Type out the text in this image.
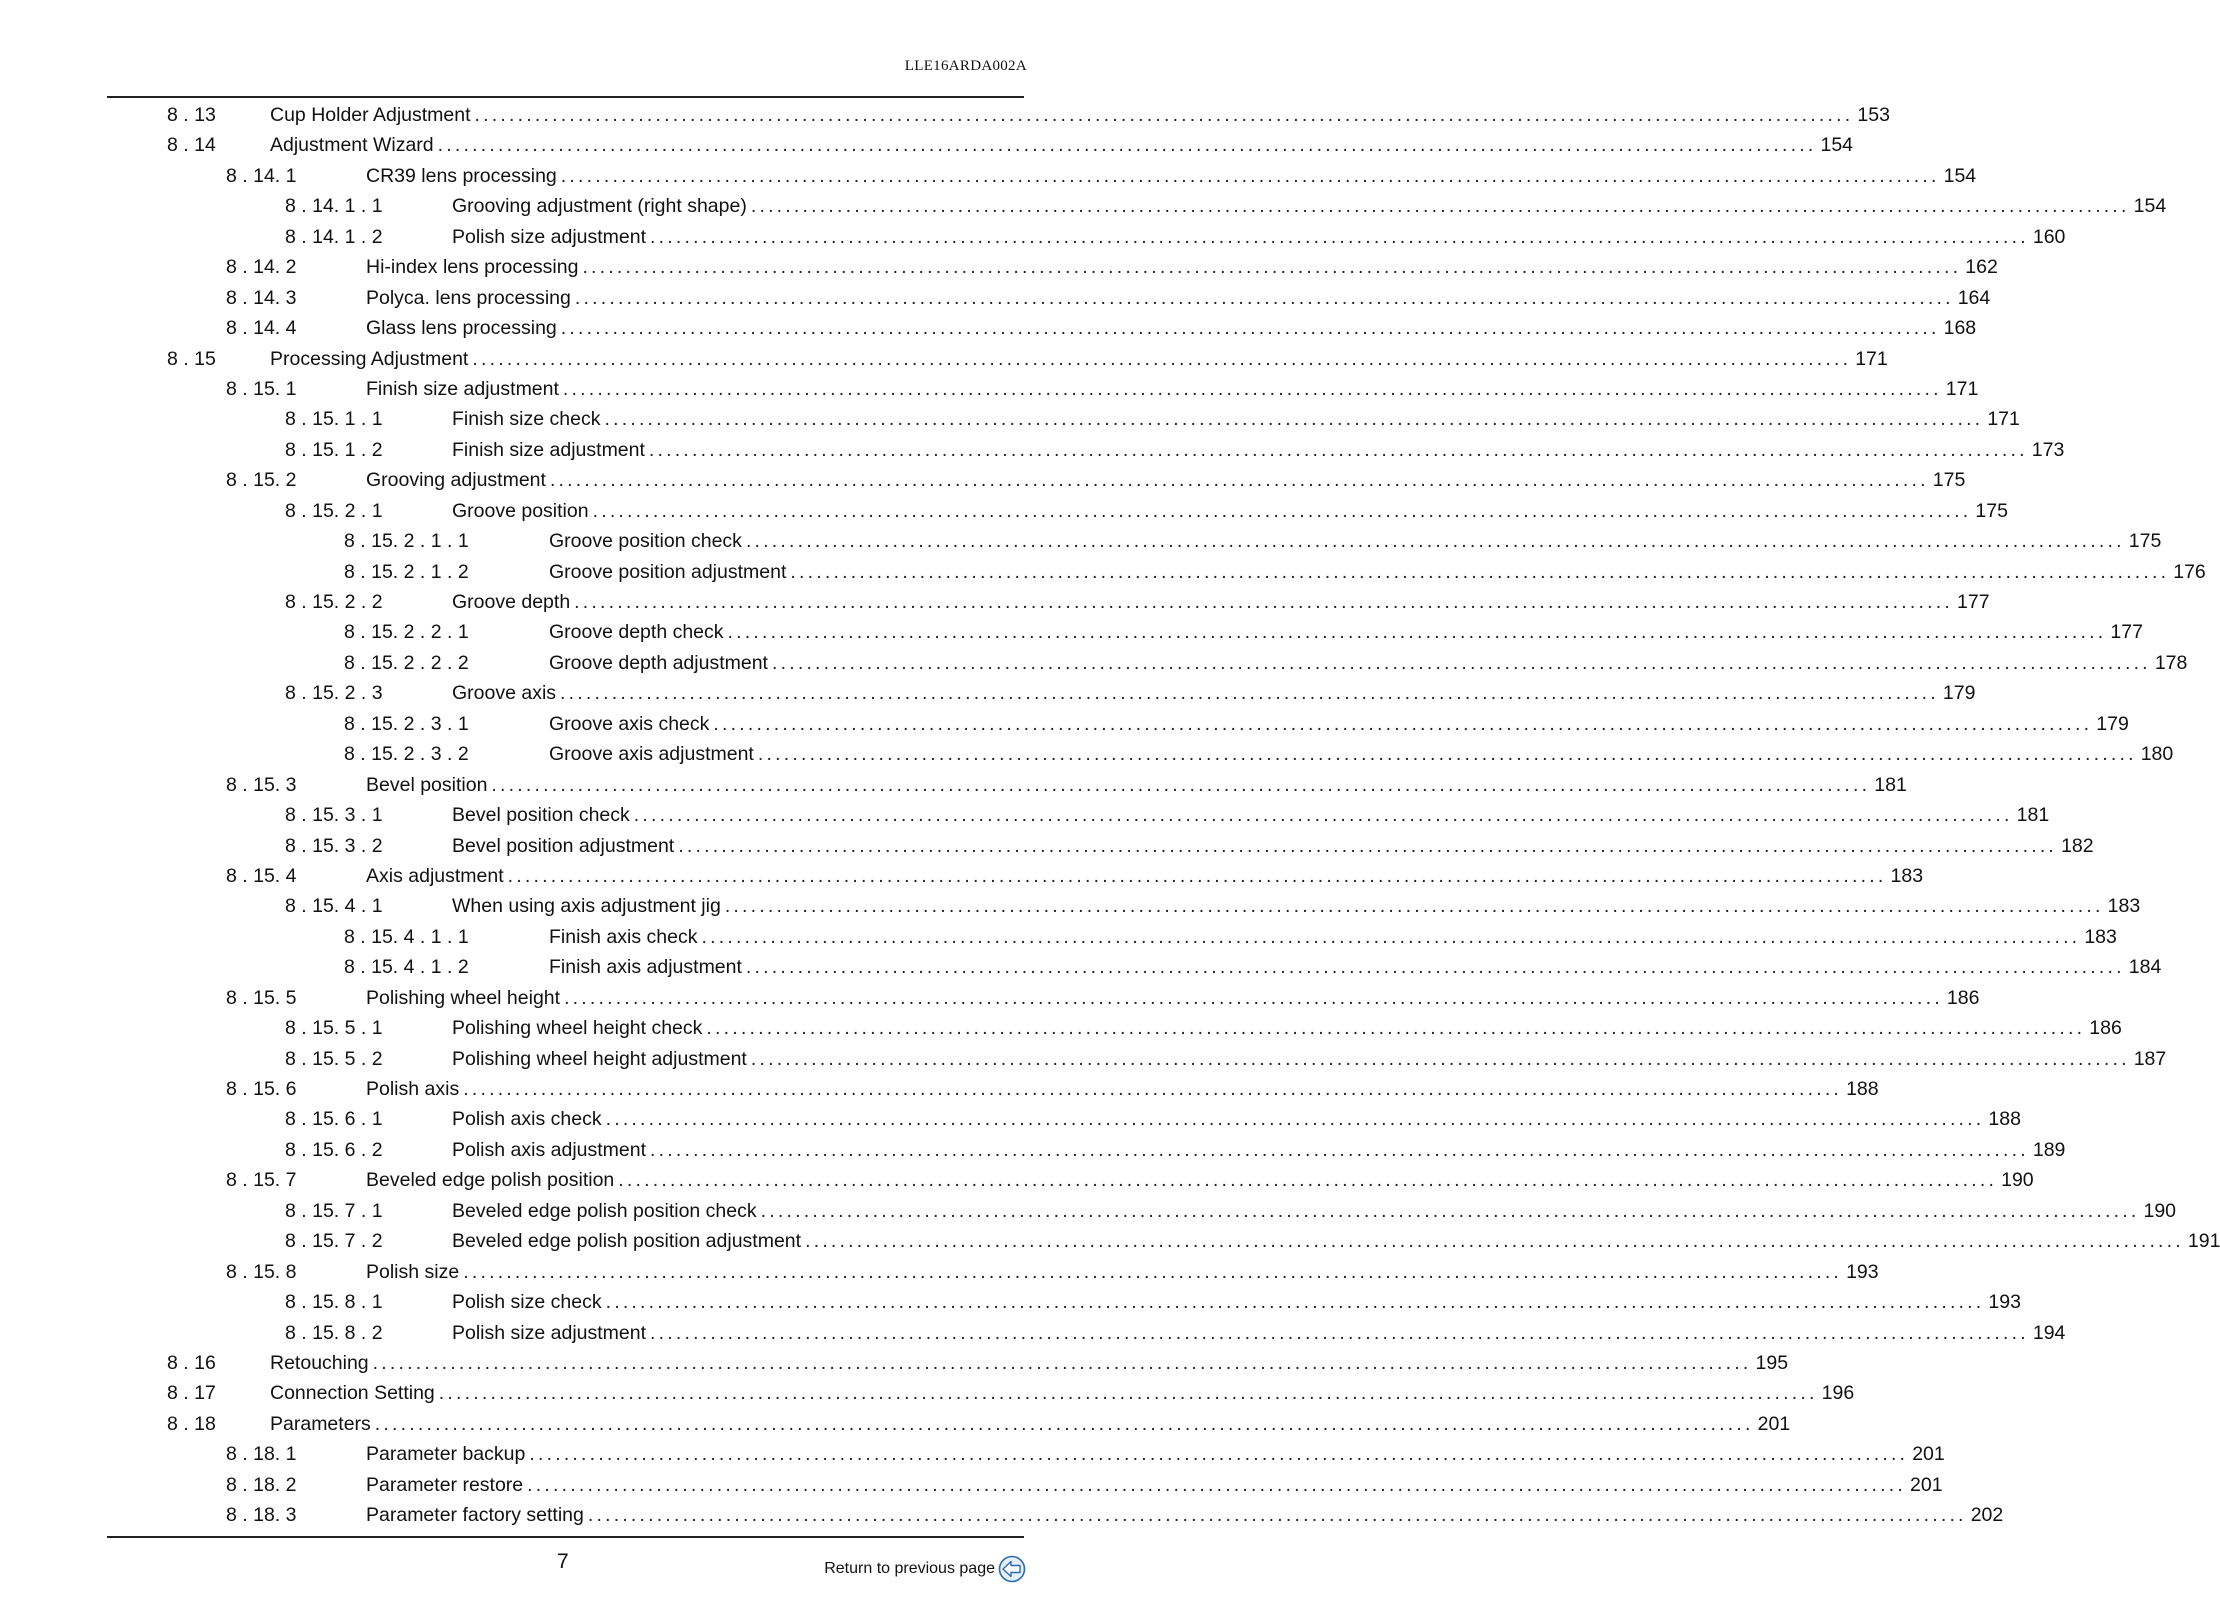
LLE16ARDA002A
8 . 13	Cup Holder Adjustment ................................................................................................................................................................ 153
8 . 14	Adjustment Wizard ................................................................................................................................................................ 154
8 . 14. 1	CR39 lens processing ................................................................................................................................................................ 154
8 . 14. 1 . 1	Grooving adjustment (right shape) ................................................................................................................................................................ 154
8 . 14. 1 . 2	Polish size adjustment ................................................................................................................................................................ 160
8 . 14. 2	Hi-index lens processing ................................................................................................................................................................ 162
8 . 14. 3	Polyca. lens processing ................................................................................................................................................................ 164
8 . 14. 4	Glass lens processing ................................................................................................................................................................ 168
8 . 15	Processing Adjustment ................................................................................................................................................................ 171
8 . 15. 1	Finish size adjustment ................................................................................................................................................................ 171
8 . 15. 1 . 1	Finish size check ................................................................................................................................................................ 171
8 . 15. 1 . 2	Finish size adjustment ................................................................................................................................................................ 173
8 . 15. 2	Grooving adjustment ................................................................................................................................................................ 175
8 . 15. 2 . 1	Groove position ................................................................................................................................................................ 175
8 . 15. 2 . 1 . 1	Groove position check ................................................................................................................................................................ 175
8 . 15. 2 . 1 . 2	Groove position adjustment ................................................................................................................................................................ 176
8 . 15. 2 . 2	Groove depth ................................................................................................................................................................ 177
8 . 15. 2 . 2 . 1	Groove depth check ................................................................................................................................................................ 177
8 . 15. 2 . 2 . 2	Groove depth adjustment ................................................................................................................................................................ 178
8 . 15. 2 . 3	Groove axis ................................................................................................................................................................ 179
8 . 15. 2 . 3 . 1	Groove axis check ................................................................................................................................................................ 179
8 . 15. 2 . 3 . 2	Groove axis adjustment ................................................................................................................................................................ 180
8 . 15. 3	Bevel position ................................................................................................................................................................ 181
8 . 15. 3 . 1	Bevel position check ................................................................................................................................................................ 181
8 . 15. 3 . 2	Bevel position adjustment ................................................................................................................................................................ 182
8 . 15. 4	Axis adjustment ................................................................................................................................................................ 183
8 . 15. 4 . 1	When using axis adjustment jig ................................................................................................................................................................ 183
8 . 15. 4 . 1 . 1	Finish axis check ................................................................................................................................................................ 183
8 . 15. 4 . 1 . 2	Finish axis adjustment ................................................................................................................................................................ 184
8 . 15. 5	Polishing wheel height ................................................................................................................................................................ 186
8 . 15. 5 . 1	Polishing wheel height check ................................................................................................................................................................ 186
8 . 15. 5 . 2	Polishing wheel height adjustment ................................................................................................................................................................ 187
8 . 15. 6	Polish axis ................................................................................................................................................................ 188
8 . 15. 6 . 1	Polish axis check ................................................................................................................................................................ 188
8 . 15. 6 . 2	Polish axis adjustment ................................................................................................................................................................ 189
8 . 15. 7	Beveled edge polish position ................................................................................................................................................................ 190
8 . 15. 7 . 1	Beveled edge polish position check ................................................................................................................................................................ 190
8 . 15. 7 . 2	Beveled edge polish position adjustment ................................................................................................................................................................ 191
8 . 15. 8	Polish size ................................................................................................................................................................ 193
8 . 15. 8 . 1	Polish size check ................................................................................................................................................................ 193
8 . 15. 8 . 2	Polish size adjustment ................................................................................................................................................................ 194
8 . 16	Retouching ................................................................................................................................................................ 195
8 . 17	Connection Setting ................................................................................................................................................................ 196
8 . 18	Parameters ................................................................................................................................................................ 201
8 . 18. 1	Parameter backup ................................................................................................................................................................ 201
8 . 18. 2	Parameter restore ................................................................................................................................................................ 201
8 . 18. 3	Parameter factory setting ................................................................................................................................................................ 202
7	Return to previous page
